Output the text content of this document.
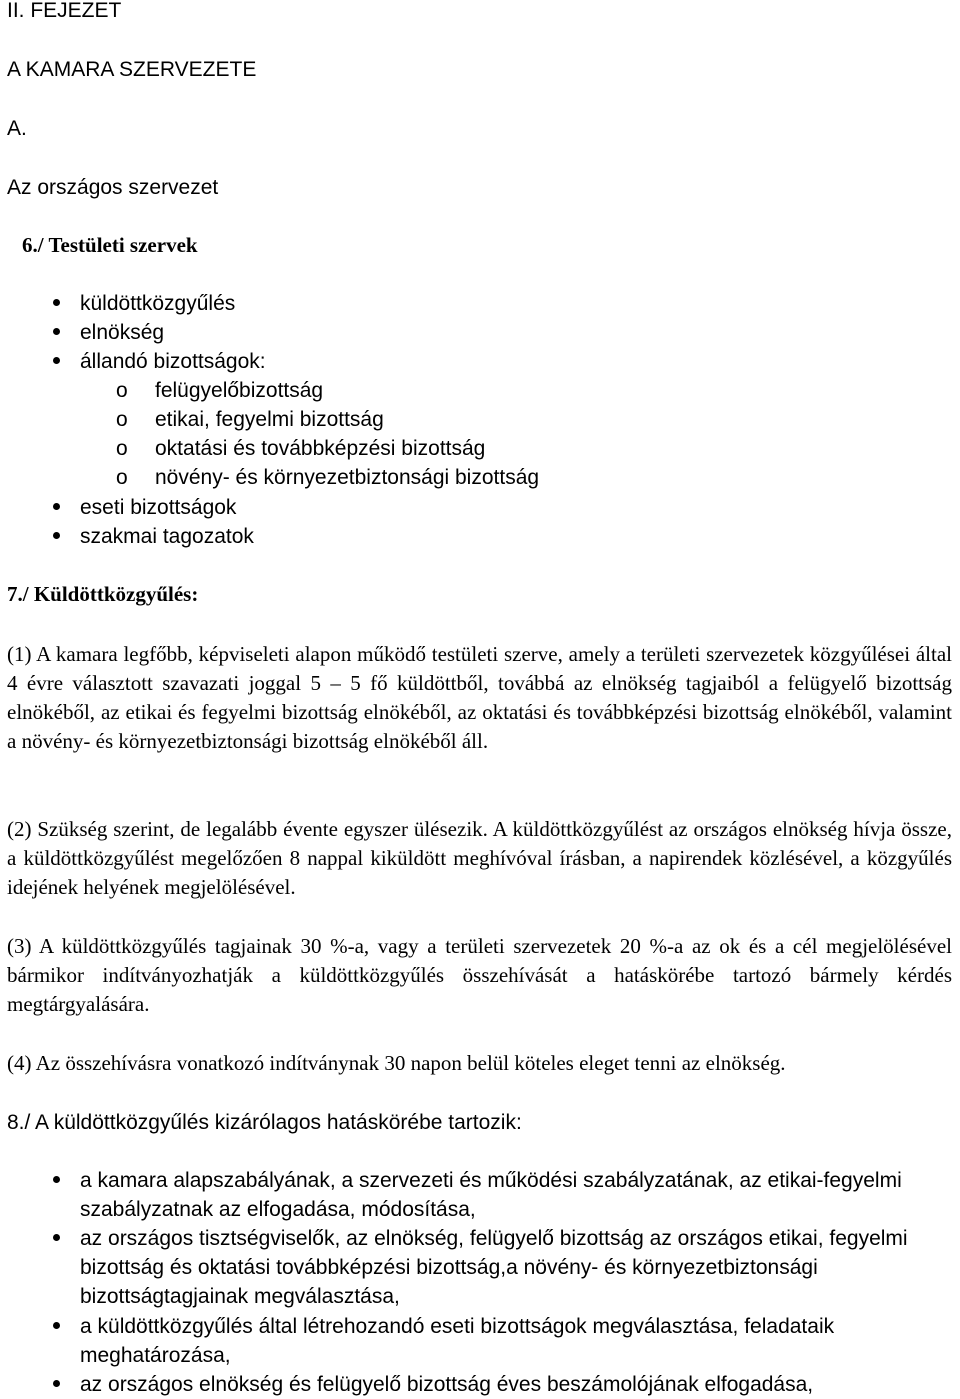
II. FEJEZET
A KAMARA SZERVEZETE
A.
Az országos szervezet
6./ Testületi szervek
küldöttközgyűlés
elnökség
állandó bizottságok:
o felügyelőbizottság
o etikai, fegyelmi bizottság
o oktatási és továbbképzési bizottság
o növény- és környezetbiztonsági bizottság
eseti bizottságok
szakmai tagozatok
7./ Küldöttközgyűlés:

(1) A kamara legfőbb, képviseleti alapon működő testületi szerve, amely a területi szervezetek közgyűlései által 4 évre választott szavazati joggal 5 – 5 fő küldöttből, továbbá az elnökség tagjaiból a felügyelő bizottság elnökéből, az etikai és fegyelmi bizottság elnökéből, az oktatási és továbbképzési bizottság elnökéből, valamint a növény- és környezetbiztonsági bizottság elnökéből áll.

(2) Szükség szerint, de legalább évente egyszer ülésezik. A küldöttközgyűlést az országos elnökség hívja össze, a küldöttközgyűlést megelőzően 8 nappal kiküldött meghívóval írásban, a napirendek közlésével, a közgyűlés idejének helyének megjelölésével.

(3) A küldöttközgyűlés tagjainak 30 %-a, vagy a területi szervezetek 20 %-a az ok és a cél megjelölésével bármikor indítványozhatják a küldöttközgyűlés összehívását a hatáskörébe tartozó bármely kérdés megtárgyalására.

(4) Az összehívásra vonatkozó indítványnak 30 napon belül köteles eleget tenni az elnökség.

8./ A küldöttközgyűlés kizárólagos hatáskörébe tartozik:
a kamara alapszabályának, a szervezeti és működési szabályzatának, az etikai-fegyelmi szabályzatnak az elfogadása, módosítása,
az országos tisztségviselők, az elnökség, felügyelő bizottság az országos etikai, fegyelmi bizottság és oktatási továbbképzési bizottság,a növény- és környezetbiztonsági bizottságtagjainak megválasztása,
a küldöttközgyűlés által létrehozandó eseti bizottságok megválasztása, feladataik meghatározása,
az országos elnökség és felügyelő bizottság éves beszámolójának elfogadása,
